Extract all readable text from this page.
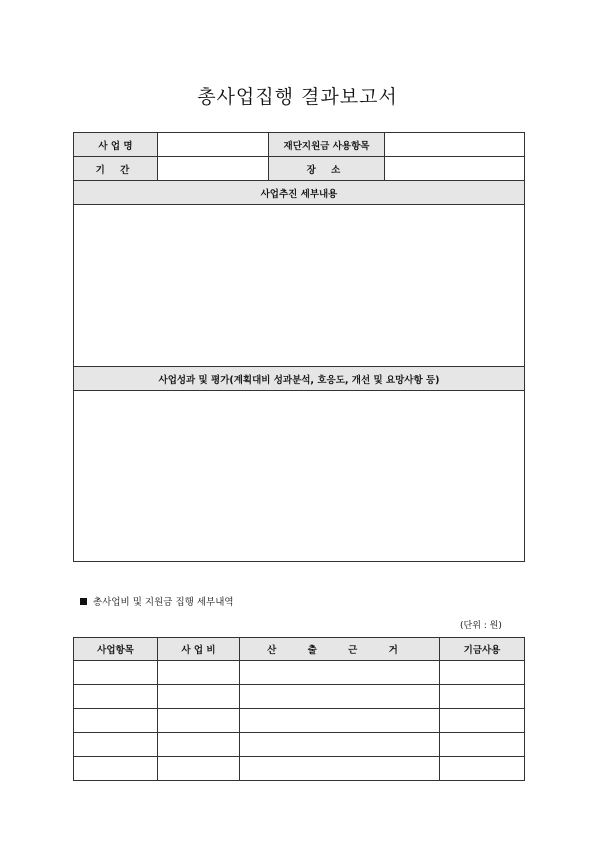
총사업집행 결과보고서
사 업 명		재단지원금 사용항목	
기 간		장 소	
사업추진 세부내용			

사업성과 및 평가(계획대비 성과분석, 호응도, 개선 및 요망사항 등)			

총사업비 및 지원금 집행 세부내역
(단위 : 원)
사업항목	사 업 비	산 출 근 거	기금사용
